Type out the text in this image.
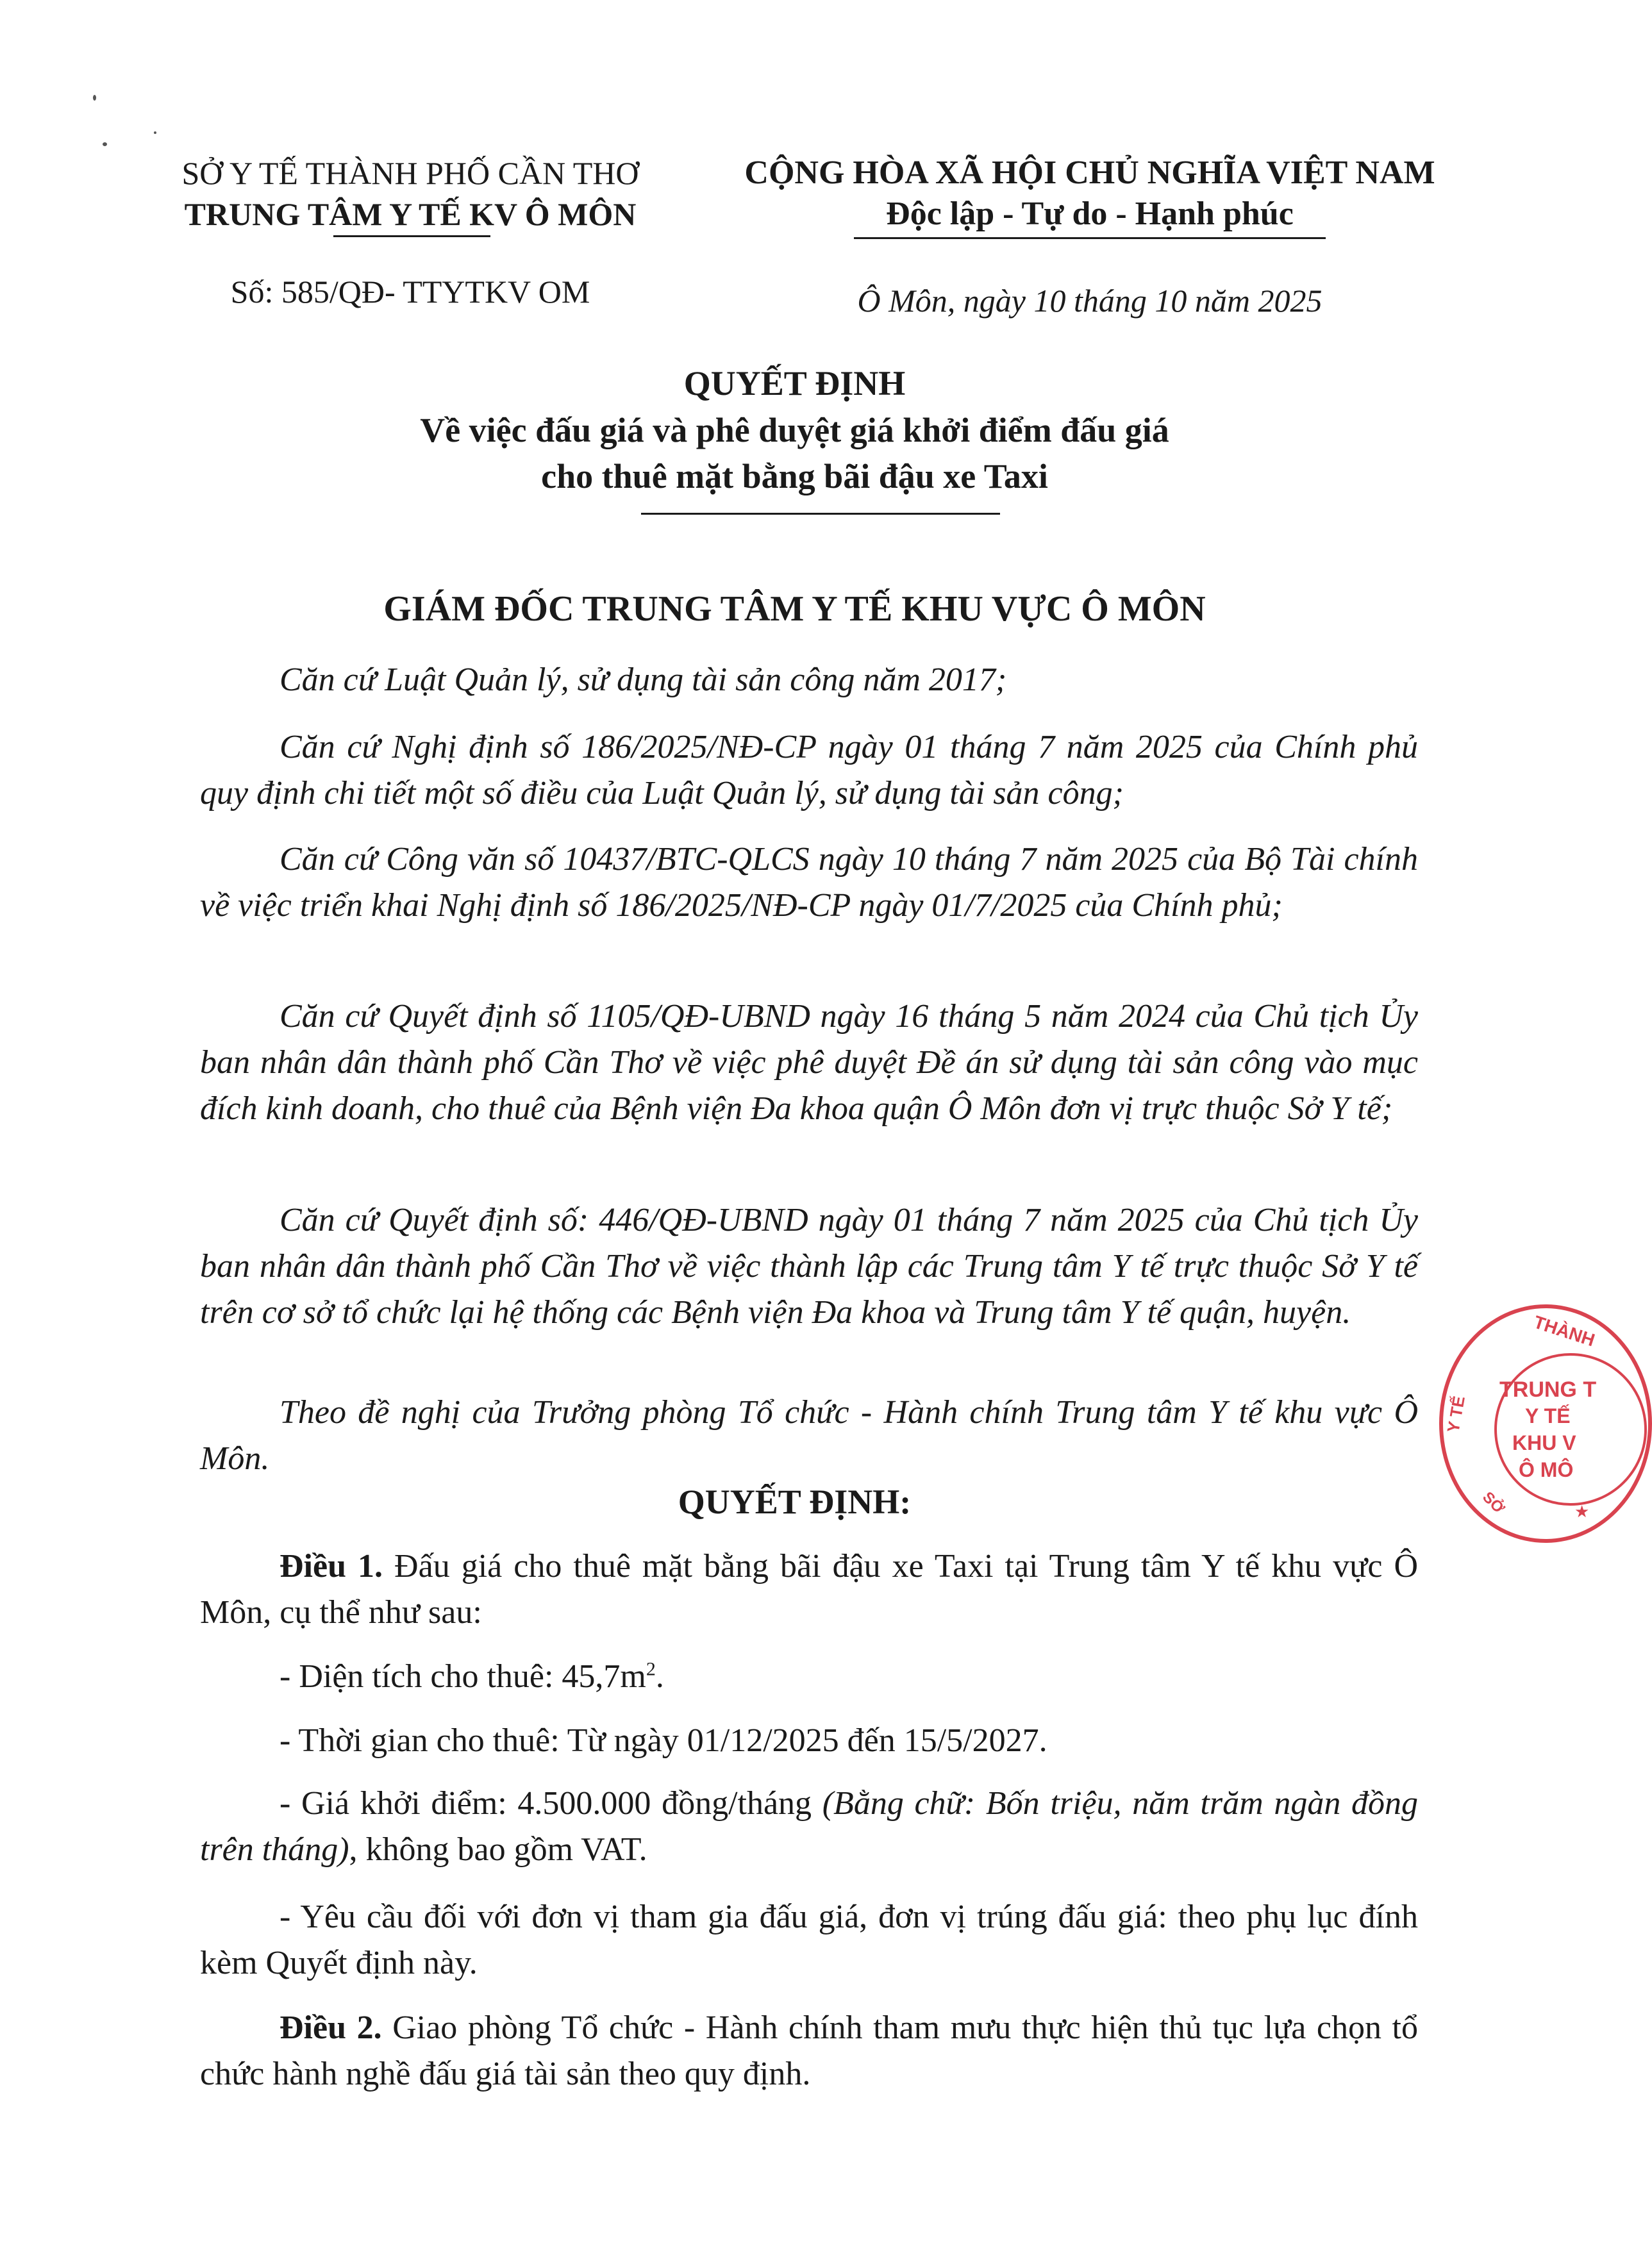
SỞ Y TẾ THÀNH PHỐ CẦN THƠ
TRUNG TÂM Y TẾ KV Ô MÔN
Số: 585/QĐ- TTYTKV OM
CỘNG HÒA XÃ HỘI CHỦ NGHĨA VIỆT NAM
Độc lập - Tự do - Hạnh phúc
Ô Môn, ngày 10 tháng 10 năm 2025
QUYẾT ĐỊNH
Về việc đấu giá và phê duyệt giá khởi điểm đấu giá
cho thuê mặt bằng bãi đậu xe Taxi
GIÁM ĐỐC TRUNG TÂM Y TẾ KHU VỰC Ô MÔN
Căn cứ Luật Quản lý, sử dụng tài sản công năm 2017;
Căn cứ Nghị định số 186/2025/NĐ-CP ngày 01 tháng 7 năm 2025 của Chính phủ quy định chi tiết một số điều của Luật Quản lý, sử dụng tài sản công;
Căn cứ Công văn số 10437/BTC-QLCS ngày 10 tháng 7 năm 2025 của Bộ Tài chính về việc triển khai Nghị định số 186/2025/NĐ-CP ngày 01/7/2025 của Chính phủ;
Căn cứ Quyết định số 1105/QĐ-UBND ngày 16 tháng 5 năm 2024 của Chủ tịch Ủy ban nhân dân thành phố Cần Thơ về việc phê duyệt Đề án sử dụng tài sản công vào mục đích kinh doanh, cho thuê của Bệnh viện Đa khoa quận Ô Môn đơn vị trực thuộc Sở Y tế;
Căn cứ Quyết định số: 446/QĐ-UBND ngày 01 tháng 7 năm 2025 của Chủ tịch Ủy ban nhân dân thành phố Cần Thơ về việc thành lập các Trung tâm Y tế trực thuộc Sở Y tế trên cơ sở tổ chức lại hệ thống các Bệnh viện Đa khoa và Trung tâm Y tế quận, huyện.
Theo đề nghị của Trưởng phòng Tổ chức - Hành chính Trung tâm Y tế khu vực Ô Môn.
QUYẾT ĐỊNH:
Điều 1. Đấu giá cho thuê mặt bằng bãi đậu xe Taxi tại Trung tâm Y tế khu vực Ô Môn, cụ thể như sau:
- Diện tích cho thuê: $45,7m^2$.
- Thời gian cho thuê: Từ ngày 01/12/2025 đến 15/5/2027.
- Giá khởi điểm: 4.500.000 đồng/tháng (Bằng chữ: Bốn triệu, năm trăm ngàn đồng trên tháng), không bao gồm VAT.
- Yêu cầu đối với đơn vị tham gia đấu giá, đơn vị trúng đấu giá: theo phụ lục đính kèm Quyết định này.
Điều 2. Giao phòng Tổ chức - Hành chính tham mưu thực hiện thủ tục lựa chọn tổ chức hành nghề đấu giá tài sản theo quy định.
THÀNH
Y TẾ
TRUNG T
Y TẾ
KHU V
Ô MÔ
SỞ	★
